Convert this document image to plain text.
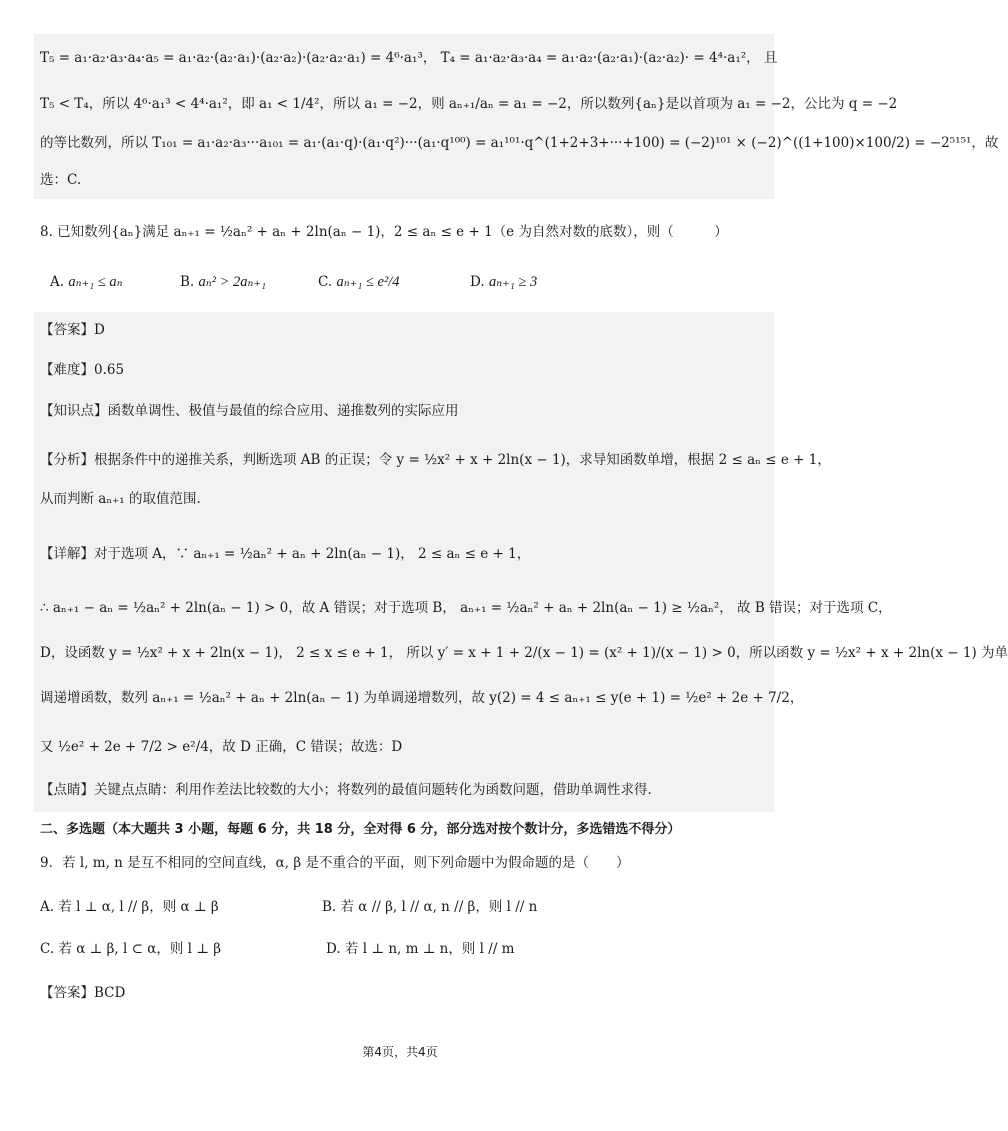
T₅ = a₁·a₂·a₃·a₄·a₅ = a₁·a₂·(a₂·a₁)·(a₂·a₂)·(a₂·a₂·a₁) = 4⁶·a₁³， T₄ = a₁·a₂·a₃·a₄ = a₁·a₂·(a₂·a₁)·(a₂·a₂)· = 4⁴·a₁²， 且
T₅ < T₄，所以 4⁶·a₁³ < 4⁴·a₁²，即 a₁ < 1/4²，所以 a₁ = −2，则 aₙ₊₁/aₙ = a₁ = −2，所以数列{aₙ}是以首项为 a₁ = −2，公比为 q = −2
的等比数列，所以 T₁₀₁ = a₁·a₂·a₃···a₁₀₁ = a₁·(a₁·q)·(a₁·q²)···(a₁·q¹⁰⁰) = a₁¹⁰¹·q^(1+2+3+···+100) = (−2)¹⁰¹ × (−2)^((1+100)×100/2) = −2⁵¹⁵¹，故
选：C.
8. 已知数列{aₙ}满足 aₙ₊₁ = ½aₙ² + aₙ + 2ln(aₙ − 1)，2 ≤ aₙ ≤ e + 1（e 为自然对数的底数），则（　　　）
A. aₙ₊₁ ≤ aₙ	B. aₙ² > 2aₙ₊₁	C. aₙ₊₁ ≤ e²/4	D. aₙ₊₁ ≥ 3
【答案】D
【难度】0.65
【知识点】函数单调性、极值与最值的综合应用、递推数列的实际应用
【分析】根据条件中的递推关系，判断选项 AB 的正误；令 y = ½x² + x + 2ln(x − 1)，求导知函数单增，根据 2 ≤ aₙ ≤ e + 1，
从而判断 aₙ₊₁ 的取值范围.
【详解】对于选项 A，∵ aₙ₊₁ = ½aₙ² + aₙ + 2ln(aₙ − 1)， 2 ≤ aₙ ≤ e + 1，
∴ aₙ₊₁ − aₙ = ½aₙ² + 2ln(aₙ − 1) > 0，故 A 错误；对于选项 B， aₙ₊₁ = ½aₙ² + aₙ + 2ln(aₙ − 1) ≥ ½aₙ²， 故 B 错误；对于选项 C，
D，设函数 y = ½x² + x + 2ln(x − 1)， 2 ≤ x ≤ e + 1， 所以 y′ = x + 1 + 2/(x − 1) = (x² + 1)/(x − 1) > 0，所以函数 y = ½x² + x + 2ln(x − 1) 为单
调递增函数，数列 aₙ₊₁ = ½aₙ² + aₙ + 2ln(aₙ − 1) 为单调递增数列，故 y(2) = 4 ≤ aₙ₊₁ ≤ y(e + 1) = ½e² + 2e + 7/2，
又 ½e² + 2e + 7/2 > e²/4，故 D 正确，C 错误；故选：D
【点睛】关键点点睛：利用作差法比较数的大小；将数列的最值问题转化为函数问题，借助单调性求得.
二、多选题（本大题共 3 小题，每题 6 分，共 18 分，全对得 6 分，部分选对按个数计分，多选错选不得分）
9．若 l, m, n 是互不相同的空间直线，α, β 是不重合的平面，则下列命题中为假命题的是（　　）
A. 若 l ⊥ α, l // β，则 α ⊥ β	B. 若 α // β, l // α, n // β，则 l // n
C. 若 α ⊥ β, l ⊂ α，则 l ⊥ β	D. 若 l ⊥ n, m ⊥ n，则 l // m
【答案】BCD
第4页，共4页
